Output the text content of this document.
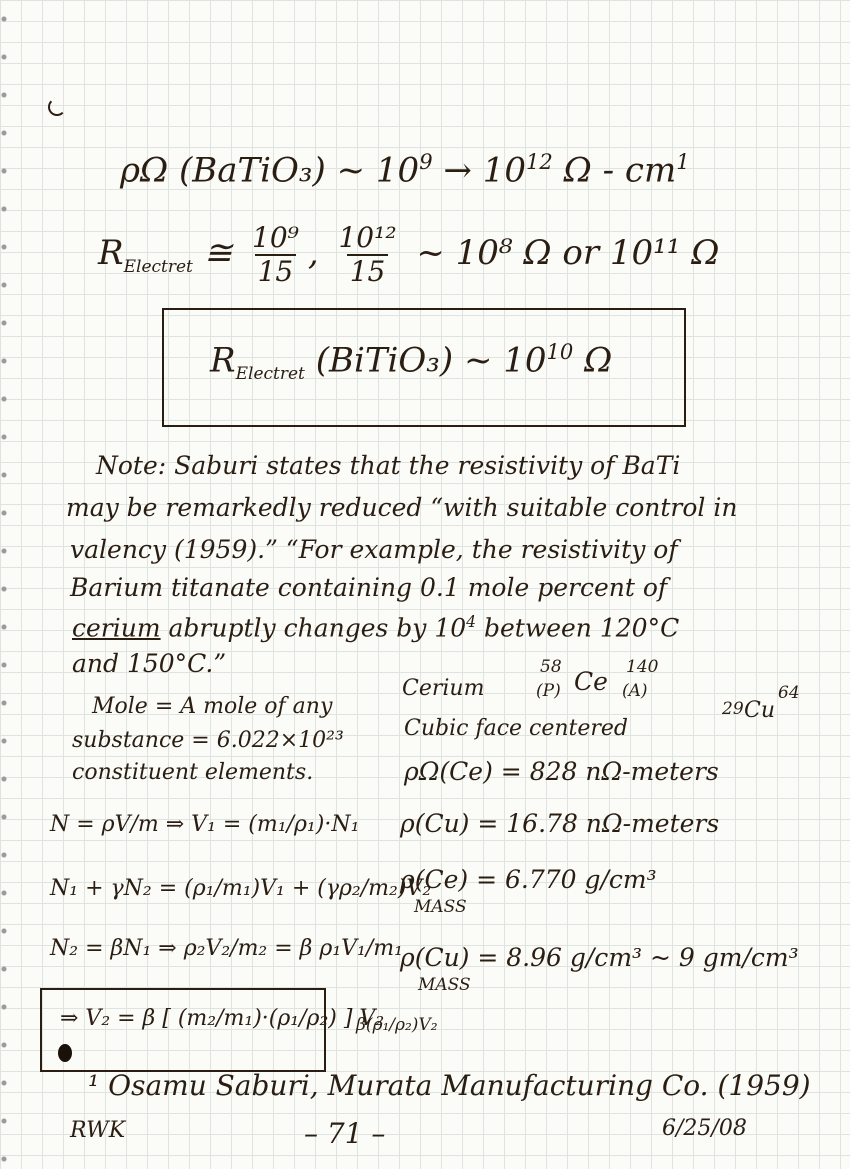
ρΩ (BaTiO₃) ~ $10^9 \to 10^{12}$ Ω - $cm^1$
$R_{Electret}$ ≅ $\frac{\text{10⁹}}{15}$ , $\frac{\text{10¹²}}{15}$ ~ 10⁸ Ω or 10¹¹ Ω
$R_{Electret}$ (BiTiO₃) ~ $10^{10}$ Ω
Note: Saburi states that the resistivity of BaTi
may be remarkedly reduced “with suitable control in
valency (1959).” “For example, the resistivity of
Barium titanate containing 0.1 mole percent of
cerium abruptly changes by $10^4$ between 120°C
and 150°C.”
Mole = A mole of any
substance = 6.022×10²³
constituent elements.
Cerium
58
(P) Ce 140
(A)
29 Cu
64
Cubic face centered
ρΩ(Ce) = 828 nΩ-meters
ρ(Cu) = 16.78 nΩ-meters
ρ(Ce) = 6.770 g/cm³
MASS
ρ(Cu) = 8.96 g/cm³ ~ 9 gm/cm³
MASS
N = ρV/m ⇒ V₁ = (m₁/ρ₁)·N₁
N₁ + γN₂ = (ρ₁/m₁)V₁ + (γρ₂/m₂)V₂
N₂ = βN₁ ⇒ ρ₂V₂/m₂ = β ρ₁V₁/m₁
⇒ V₂ = β [ (m₂/m₁)·(ρ₁/ρ₂) ] V₂
β(ρ₁/ρ₂)V₂
¹ Osamu Saburi, Murata Manufacturing Co. (1959)
RWK	– 71 –	6/25/08
